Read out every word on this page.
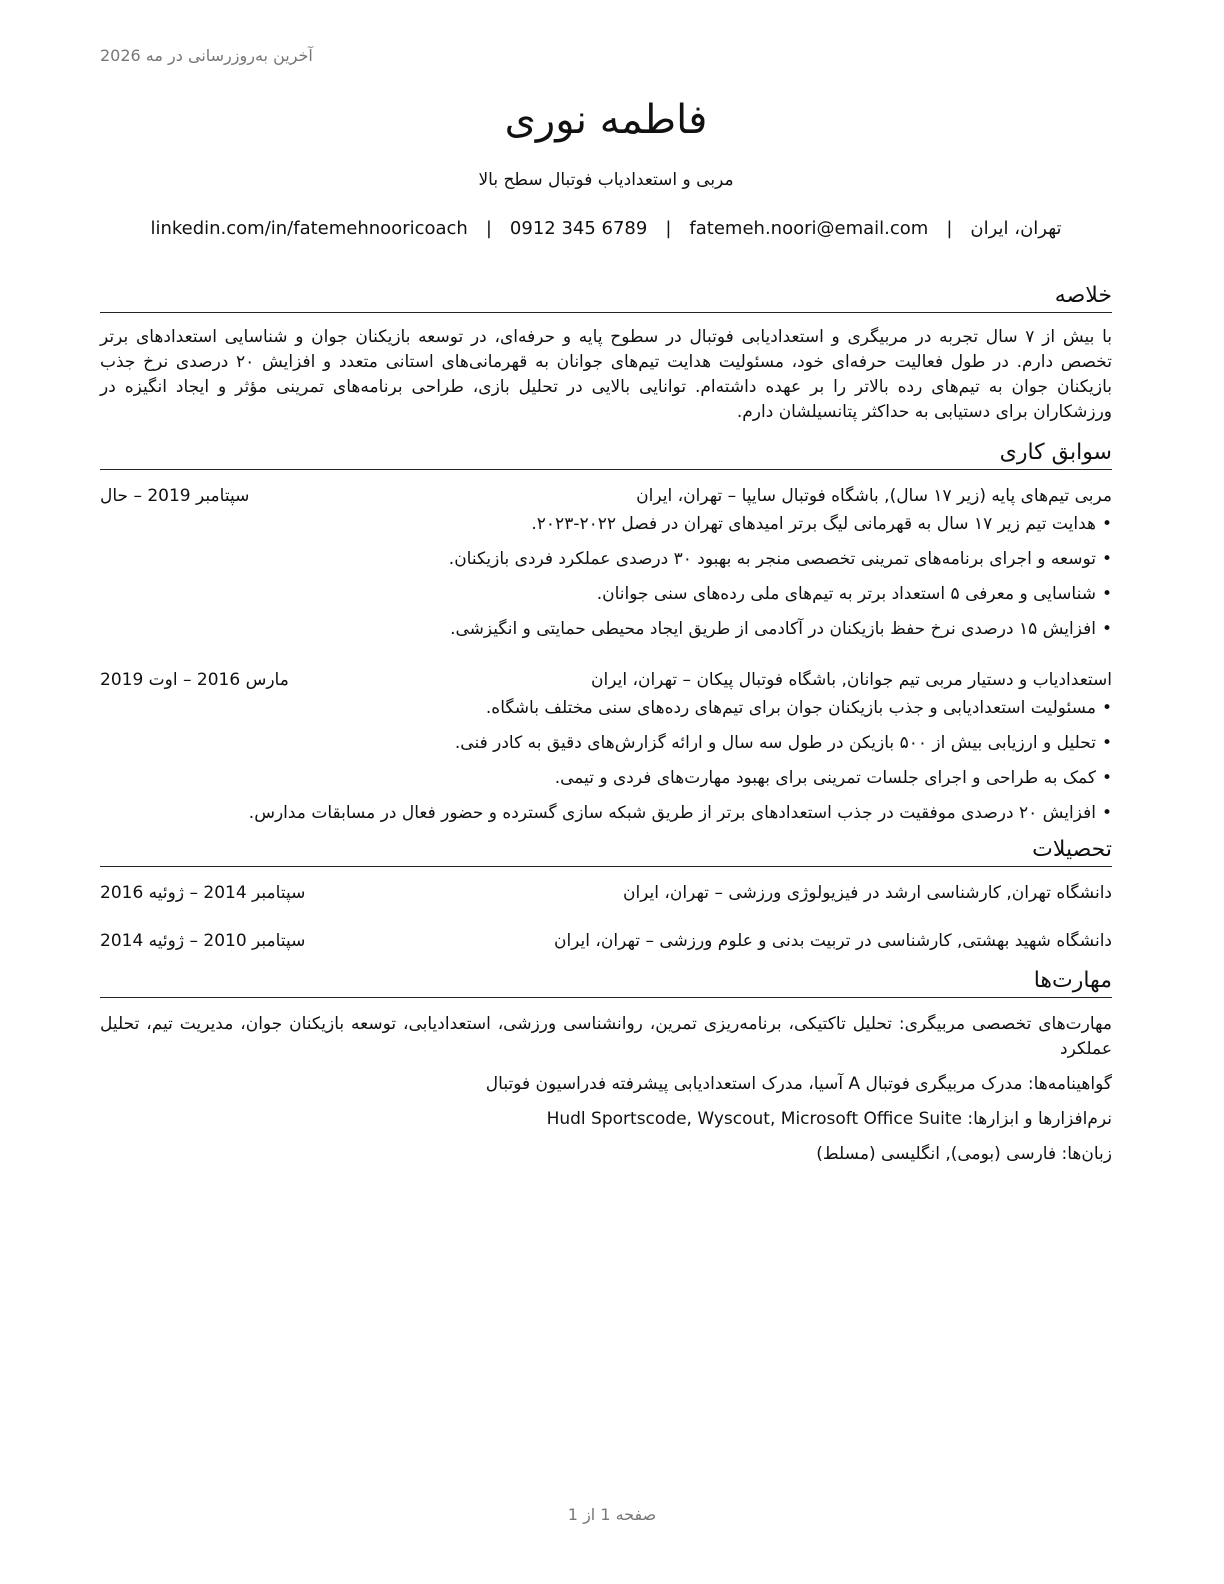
آخرین به‌روزرسانی در مه 2026
فاطمه نوری
مربی و استعدادیاب فوتبال سطح بالا
تهران، ایران|fatemeh.noori@email.com|0912 345 6789|linkedin.com/in/fatemehnooricoach
خلاصه
با بیش از ۷ سال تجربه در مربیگری و استعدادیابی فوتبال در سطوح پایه و حرفه‌ای، در توسعه بازیکنان جوان و شناسایی استعدادهای برتر تخصص دارم. در طول فعالیت حرفه‌ای خود، مسئولیت هدایت تیم‌های جوانان به قهرمانی‌های استانی متعدد و افزایش ۲۰ درصدی نرخ جذب بازیکنان جوان به تیم‌های رده بالاتر را بر عهده داشته‌ام. توانایی بالایی در تحلیل بازی، طراحی برنامه‌های تمرینی مؤثر و ایجاد انگیزه در ورزشکاران برای دستیابی به حداکثر پتانسیلشان دارم.
سوابق کاری
مربی تیم‌های پایه (زیر ۱۷ سال), باشگاه فوتبال سایپا – تهران، ایران
سپتامبر 2019 – حال
•هدایت تیم زیر ۱۷ سال به قهرمانی لیگ برتر امیدهای تهران در فصل ۲۰۲۲-۲۰۲۳.
•توسعه و اجرای برنامه‌های تمرینی تخصصی منجر به بهبود ۳۰ درصدی عملکرد فردی بازیکنان.
•شناسایی و معرفی ۵ استعداد برتر به تیم‌های ملی رده‌های سنی جوانان.
•افزایش ۱۵ درصدی نرخ حفظ بازیکنان در آکادمی از طریق ایجاد محیطی حمایتی و انگیزشی.
استعدادیاب و دستیار مربی تیم جوانان, باشگاه فوتبال پیکان – تهران، ایران
مارس 2016 – اوت 2019
•مسئولیت استعدادیابی و جذب بازیکنان جوان برای تیم‌های رده‌های سنی مختلف باشگاه.
•تحلیل و ارزیابی بیش از ۵۰۰ بازیکن در طول سه سال و ارائه گزارش‌های دقیق به کادر فنی.
•کمک به طراحی و اجرای جلسات تمرینی برای بهبود مهارت‌های فردی و تیمی.
•افزایش ۲۰ درصدی موفقیت در جذب استعدادهای برتر از طریق شبکه سازی گسترده و حضور فعال در مسابقات مدارس.
تحصیلات
دانشگاه تهران, کارشناسی ارشد در فیزیولوژی ورزشی – تهران، ایران
سپتامبر 2014 – ژوئیه 2016
دانشگاه شهید بهشتی, کارشناسی در تربیت بدنی و علوم ورزشی – تهران، ایران
سپتامبر 2010 – ژوئیه 2014
مهارت‌ها
مهارت‌های تخصصی مربیگری: تحلیل تاکتیکی، برنامه‌ریزی تمرین، روانشناسی ورزشی، استعدادیابی، توسعه بازیکنان جوان، مدیریت تیم، تحلیل عملکرد
گواهینامه‌ها: مدرک مربیگری فوتبال A آسیا، مدرک استعدادیابی پیشرفته فدراسیون فوتبال
نرم‌افزارها و ابزارها: Hudl Sportscode, Wyscout, Microsoft Office Suite
زبان‌ها: فارسی (بومی), انگلیسی (مسلط)
صفحه 1 از 1
